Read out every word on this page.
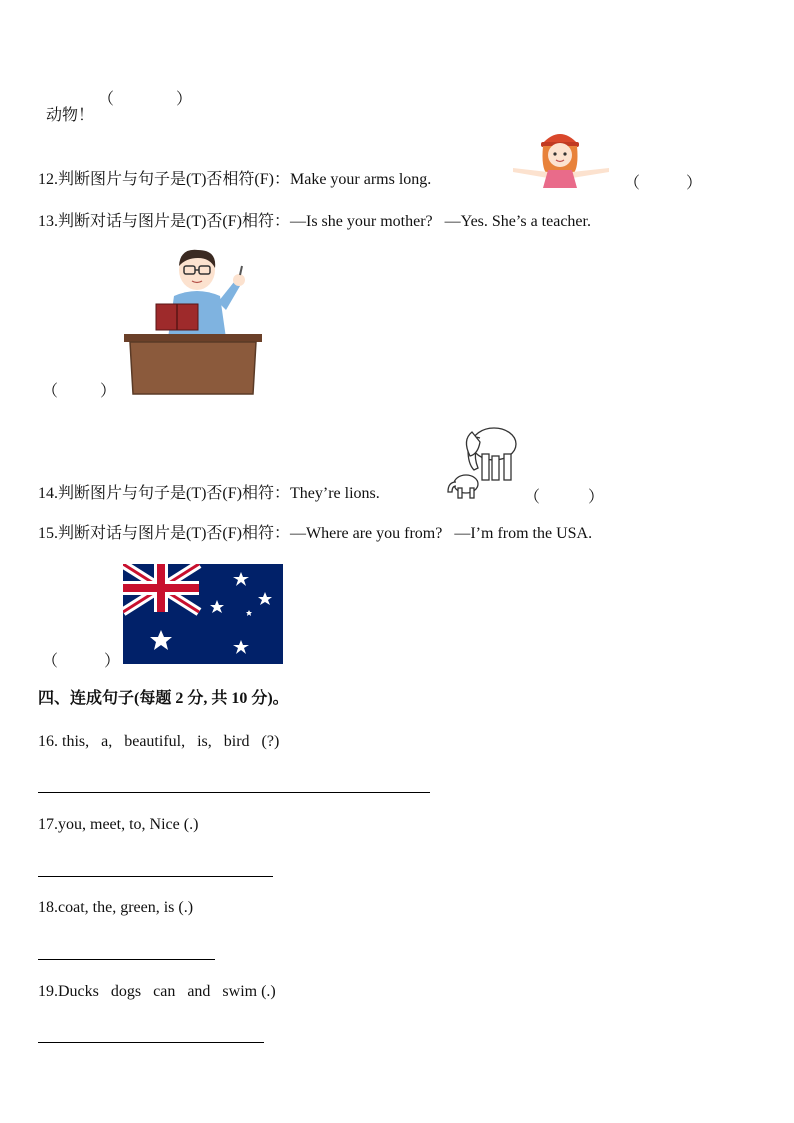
动物！

（	）
12.判断图片与句子是(T)否相符(F)：Make your arms long.	（	）
13.判断对话与图片是(T)否(F)相符：—Is she your mother?   —Yes. She’s a teacher.
（	）
14.判断图片与句子是(T)否(F)相符：They’re lions.	（	）
15.判断对话与图片是(T)否(F)相符：—Where are you from?   —I’m from the USA.
（	）
四、连成句子(每题 2 分, 共 10 分)。
16. this,   a,   beautiful,   is,   bird   (?)
17.you, meet, to, Nice (.)
18.coat, the, green, is (.)
19.Ducks   dogs   can   and   swim (.)
